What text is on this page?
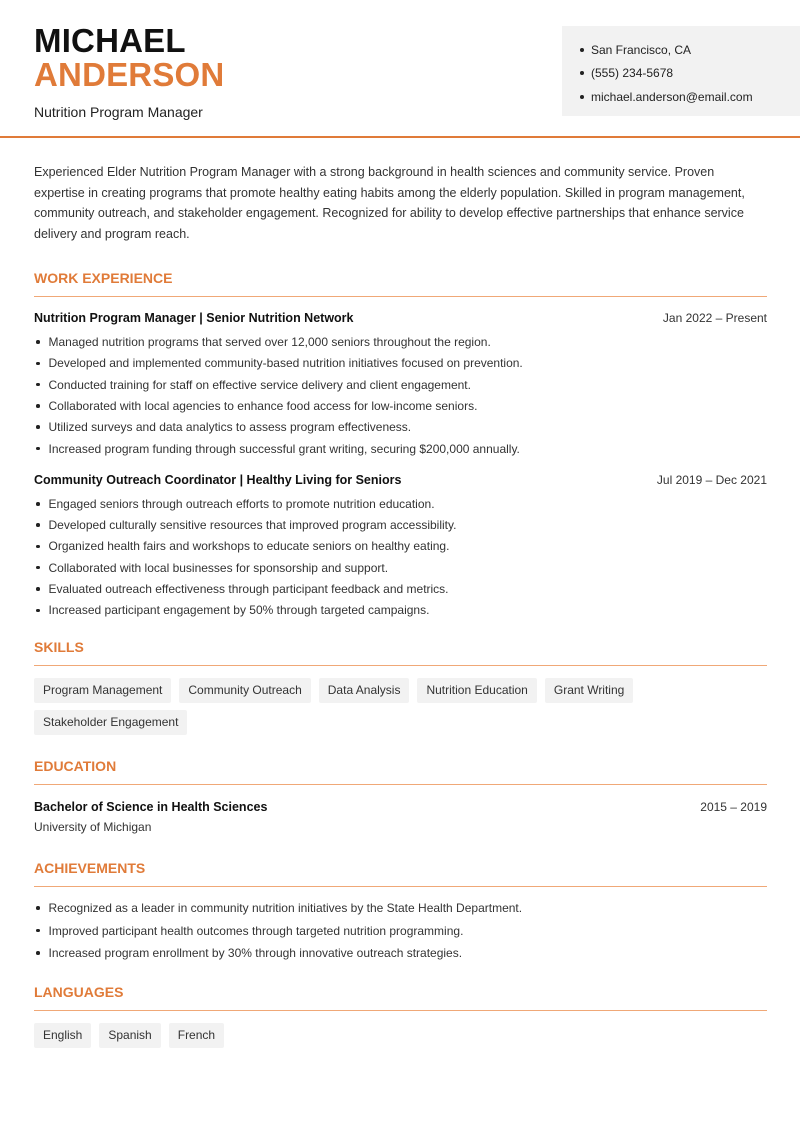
MICHAEL
ANDERSON
Nutrition Program Manager
San Francisco, CA
(555) 234-5678
michael.anderson@email.com

Experienced Elder Nutrition Program Manager with a strong background in health sciences and community service. Proven expertise in creating programs that promote healthy eating habits among the elderly population. Skilled in program management, community outreach, and stakeholder engagement. Recognized for ability to develop effective partnerships that enhance service delivery and program reach.

WORK EXPERIENCE
Nutrition Program Manager | Senior Nutrition Network	Jan 2022 – Present
Managed nutrition programs that served over 12,000 seniors throughout the region.
Developed and implemented community-based nutrition initiatives focused on prevention.
Conducted training for staff on effective service delivery and client engagement.
Collaborated with local agencies to enhance food access for low-income seniors.
Utilized surveys and data analytics to assess program effectiveness.
Increased program funding through successful grant writing, securing $200,000 annually.
Community Outreach Coordinator | Healthy Living for Seniors	Jul 2019 – Dec 2021
Engaged seniors through outreach efforts to promote nutrition education.
Developed culturally sensitive resources that improved program accessibility.
Organized health fairs and workshops to educate seniors on healthy eating.
Collaborated with local businesses for sponsorship and support.
Evaluated outreach effectiveness through participant feedback and metrics.
Increased participant engagement by 50% through targeted campaigns.
SKILLS
Program Management	Community Outreach	Data Analysis	Nutrition Education	Grant Writing
Stakeholder Engagement
EDUCATION
Bachelor of Science in Health Sciences	2015 – 2019
University of Michigan
ACHIEVEMENTS
Recognized as a leader in community nutrition initiatives by the State Health Department.
Improved participant health outcomes through targeted nutrition programming.
Increased program enrollment by 30% through innovative outreach strategies.
LANGUAGES
English	Spanish	French
